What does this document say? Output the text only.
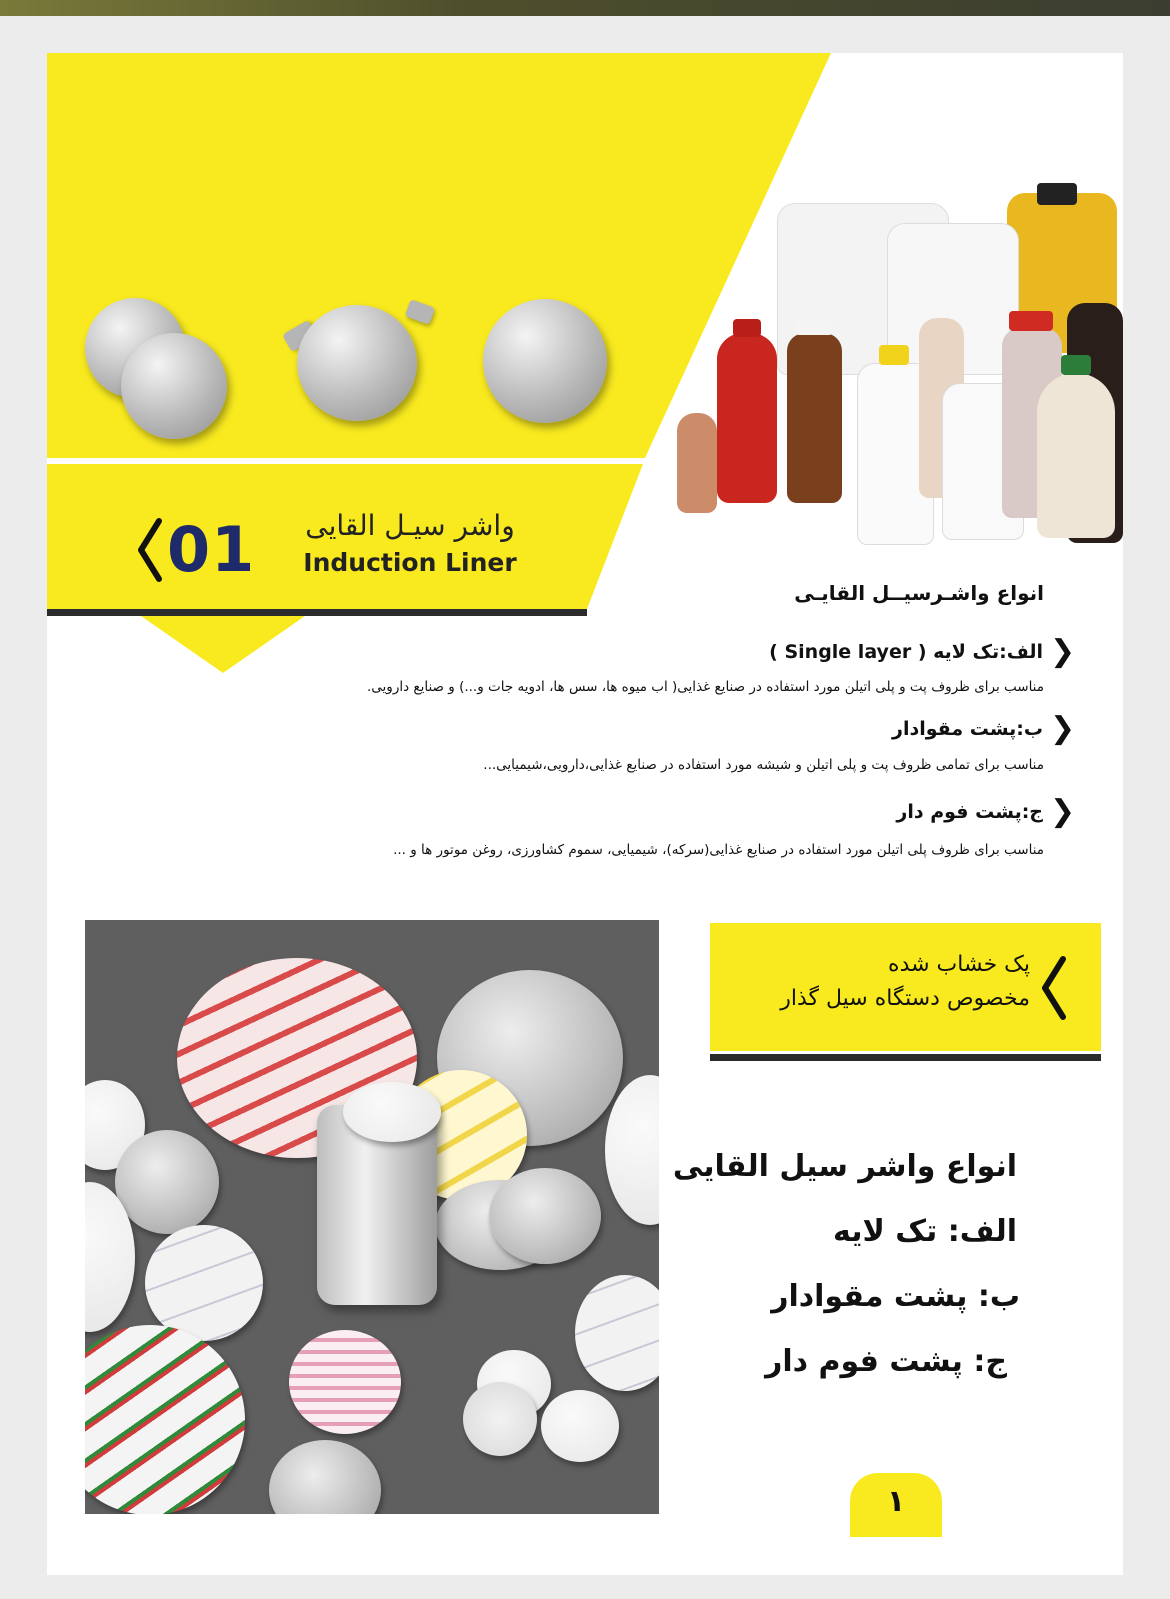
01	واشر سیـل القایی
Induction Liner
انواع واشـرسیــل القایـی
❯
الف:تک لایه ( Single layer )
مناسب برای ظروف پت و پلی اتیلن مورد استفاده در صنایع غذایی( اب میوه ها، سس ها، ادویه جات و...) و صنایع دارویی.
❯
ب:پشت مقوادار
مناسب برای تمامی ظروف پت و پلی اتیلن و شیشه مورد استفاده در صنایع غذایی،دارویی،شیمیایی...
❯
ج:پشت فوم دار
مناسب برای ظروف پلی اتیلن مورد استفاده در صنایع غذایی(سرکه)، شیمیایی، سموم کشاورزی، روغن موتور ها و ...
پک خشاب شده
مخصوص دستگاه سیل گذار
انواع واشر سیل القایی
الف: تک لایه
ب: پشت مقوادار
ج: پشت فوم دار
١
